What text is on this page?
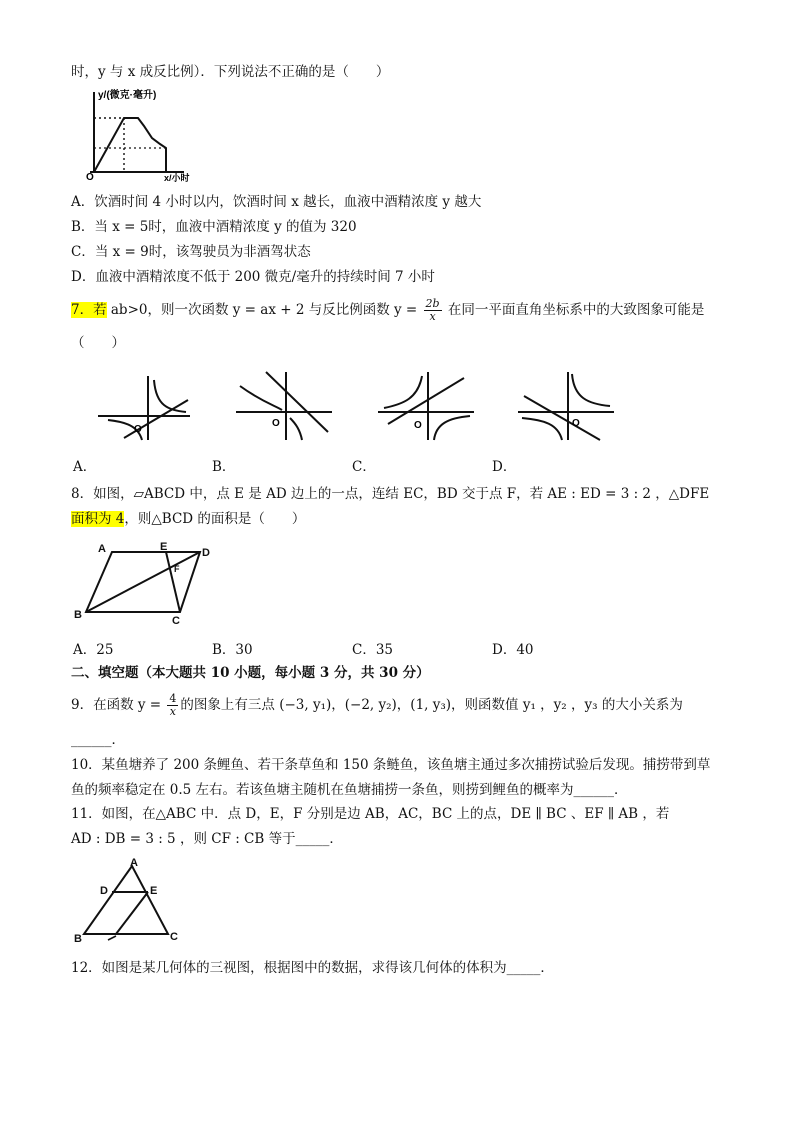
时，y 与 x 成反比例）．下列说法不正确的是（　　）
y/(微克·毫升)
x/小时
O
A．饮酒时间 4 小时以内，饮酒时间 x 越长，血液中酒精浓度 y 越大
B．当 x = 5时，血液中酒精浓度 y 的值为 320
C．当 x = 9时，该驾驶员为非酒驾状态
D．血液中酒精浓度不低于 200 微克/毫升的持续时间 7 小时
7．若 ab>0，则一次函数 y = ax + 2 与反比例函数 $y = \frac{2b}{x}$ 在同一平面直角坐标系中的大致图象可能是
（　　）
O
A．
O
B．
O
C．
O
D．
8．如图，▱ABCD 中，点 E 是 AD 边上的一点，连结 EC，BD 交于点 F，若 AE : ED = 3 : 2 ，△DFE
面积为 4，则△BCD 的面积是（　　）
A	E	D
B	C
F
A．25	B．30	C．35	D．40
二、填空题（本大题共 10 小题，每小题 3 分，共 30 分）
9．在函数 $y = \frac{4}{x}$ 的图象上有三点 (−3, y₁)，(−2, y₂)，(1, y₃)，则函数值 y₁ ，y₂ ，y₃ 的大小关系为
______．
10．某鱼塘养了 200 条鲤鱼、若干条草鱼和 150 条鲢鱼，该鱼塘主通过多次捕捞试验后发现。捕捞带到草
鱼的频率稳定在 0.5 左右。若该鱼塘主随机在鱼塘捕捞一条鱼，则捞到鲤鱼的概率为______．
11．如图，在△ABC 中．点 D，E，F 分别是边 AB，AC，BC 上的点，DE ∥ BC 、EF ∥ AB ，若
AD : DB = 3 : 5 ，则 CF : CB 等于_____．
A
D	E
B	C
12．如图是某几何体的三视图，根据图中的数据，求得该几何体的体积为_____．
